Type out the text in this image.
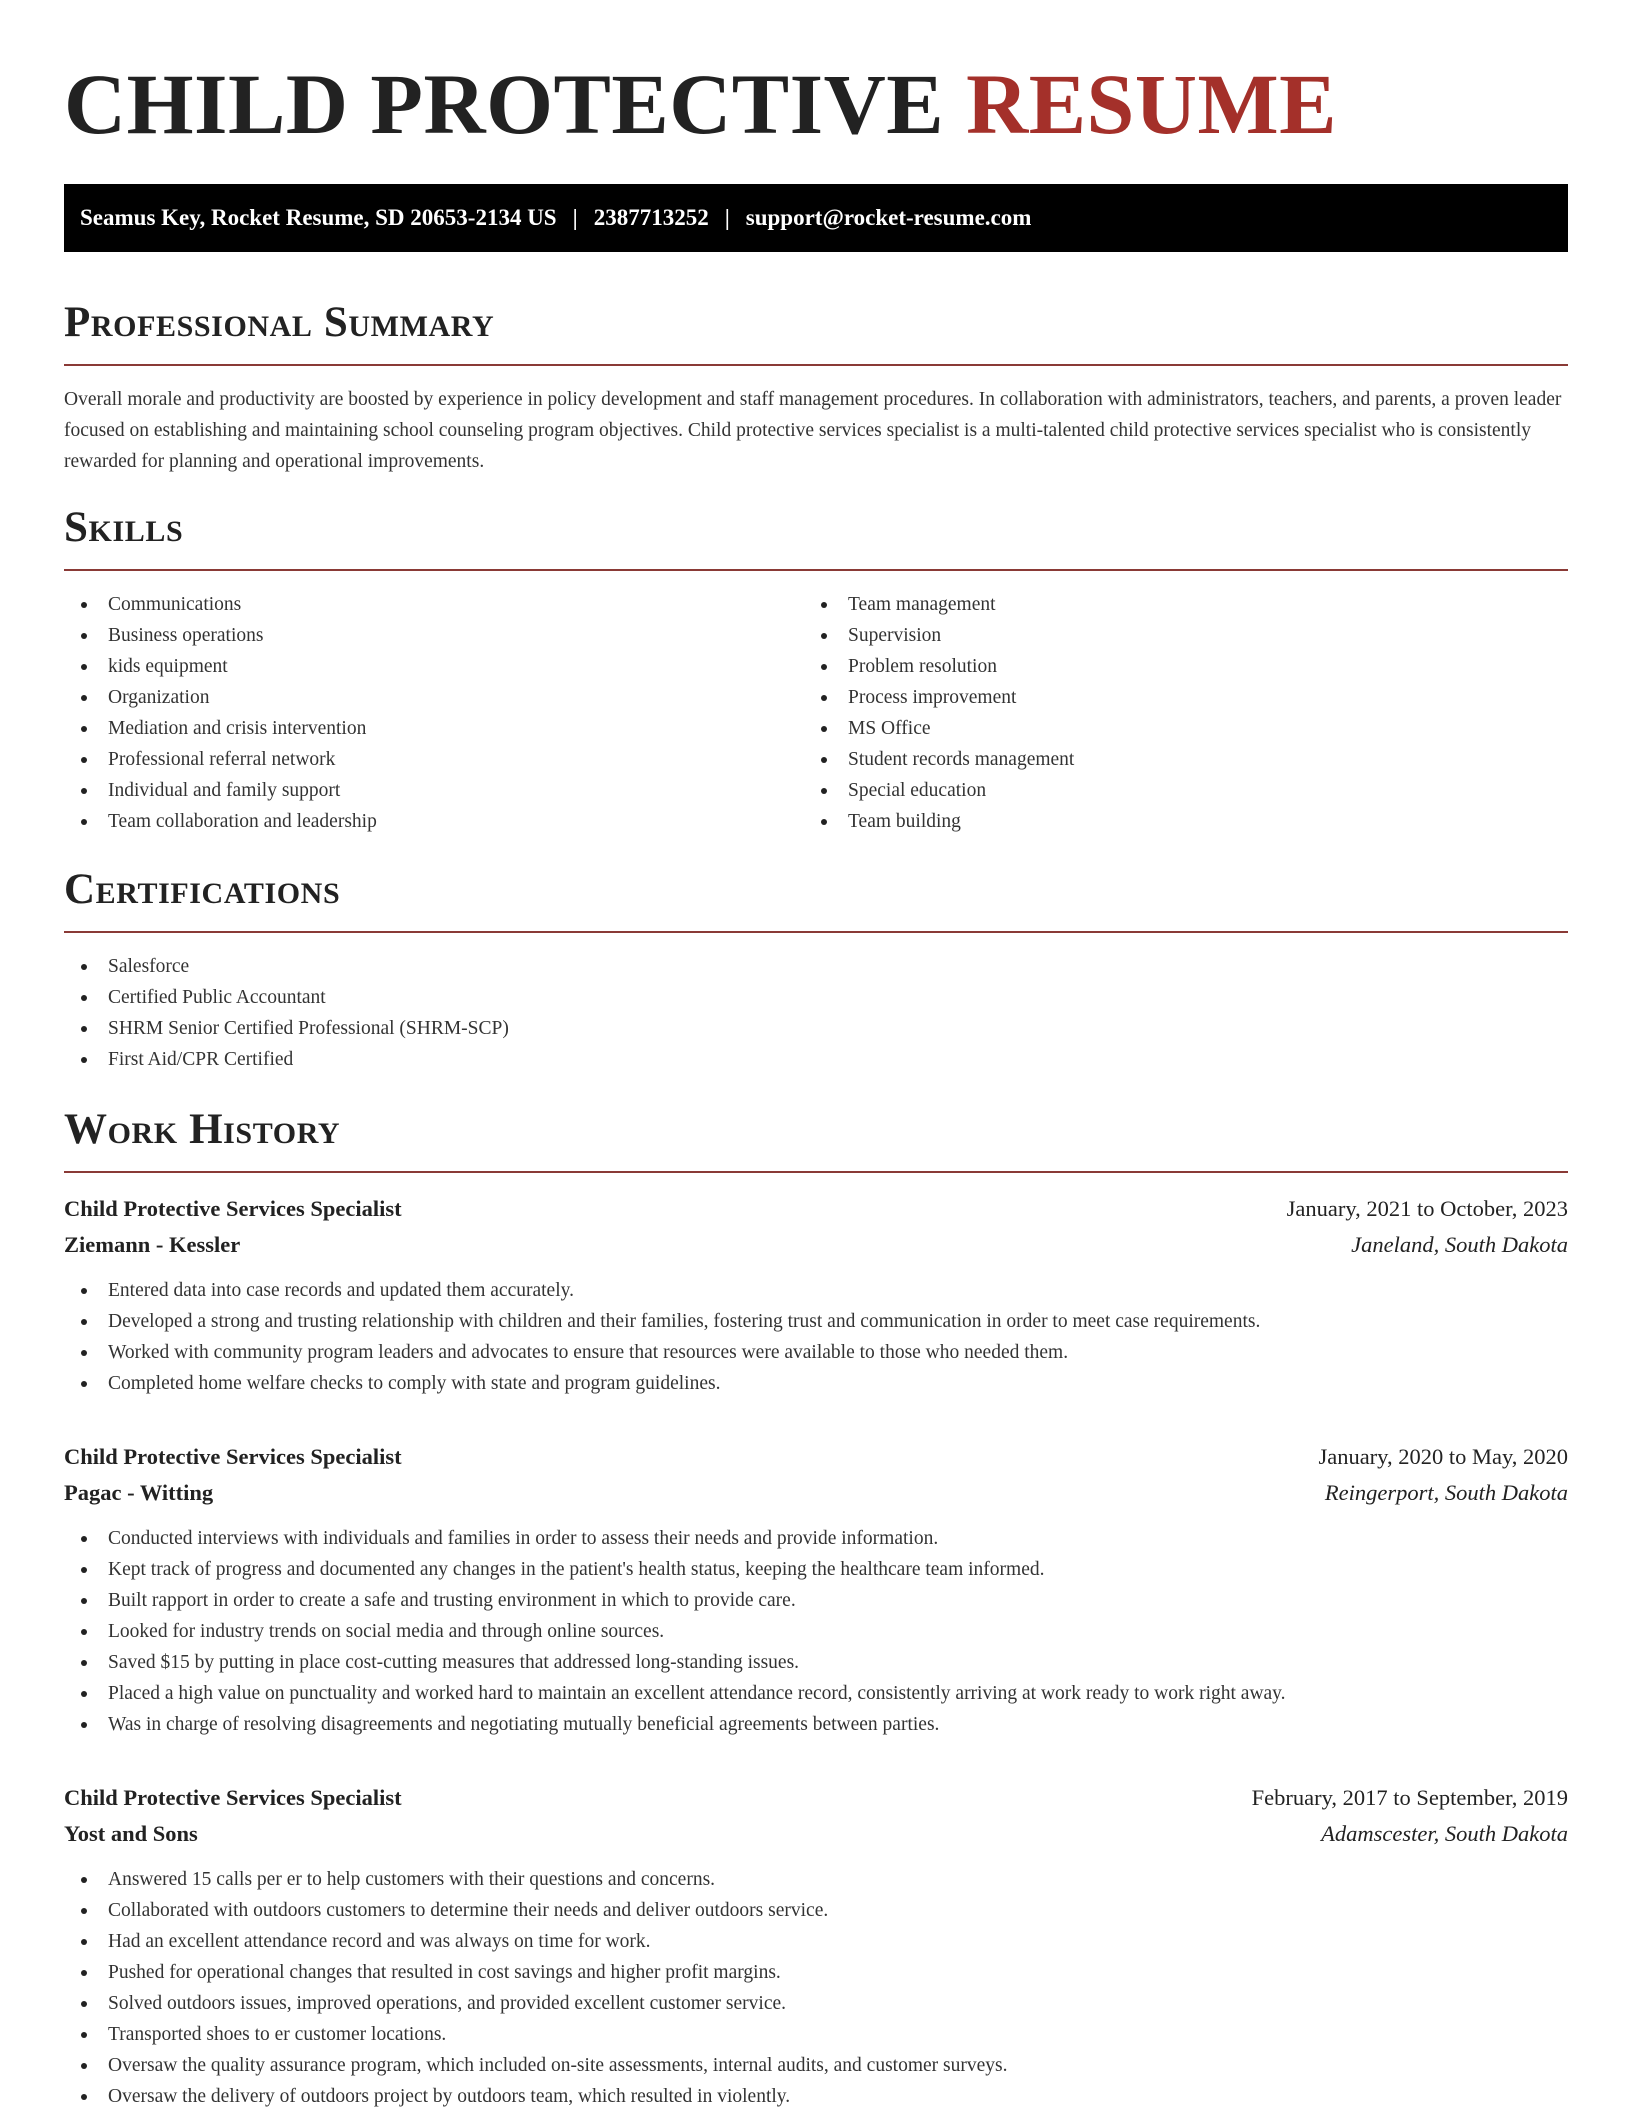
CHILD PROTECTIVE RESUME
Seamus Key, Rocket Resume, SD 20653-2134 US | 2387713252 | support@rocket-resume.com
Professional Summary

Overall morale and productivity are boosted by experience in policy development and staff management procedures. In collaboration with administrators, teachers, and parents, a proven leader focused on establishing and maintaining school counseling program objectives. Child protective services specialist is a multi-talented child protective services specialist who is consistently rewarded for planning and operational improvements.

Skills
Communications
Business operations
kids equipment
Organization
Mediation and crisis intervention
Professional referral network
Individual and family support
Team collaboration and leadership
Team management
Supervision
Problem resolution
Process improvement
MS Office
Student records management
Special education
Team building
Certifications
Salesforce
Certified Public Accountant
SHRM Senior Certified Professional (SHRM-SCP)
First Aid/CPR Certified
Work History
Child Protective Services Specialist	January, 2021 to October, 2023
Ziemann - Kessler	Janeland, South Dakota
Entered data into case records and updated them accurately.
Developed a strong and trusting relationship with children and their families, fostering trust and communication in order to meet case requirements.
Worked with community program leaders and advocates to ensure that resources were available to those who needed them.
Completed home welfare checks to comply with state and program guidelines.
Child Protective Services Specialist	January, 2020 to May, 2020
Pagac - Witting	Reingerport, South Dakota
Conducted interviews with individuals and families in order to assess their needs and provide information.
Kept track of progress and documented any changes in the patient's health status, keeping the healthcare team informed.
Built rapport in order to create a safe and trusting environment in which to provide care.
Looked for industry trends on social media and through online sources.
Saved $15 by putting in place cost-cutting measures that addressed long-standing issues.
Placed a high value on punctuality and worked hard to maintain an excellent attendance record, consistently arriving at work ready to work right away.
Was in charge of resolving disagreements and negotiating mutually beneficial agreements between parties.
Child Protective Services Specialist	February, 2017 to September, 2019
Yost and Sons	Adamscester, South Dakota
Answered 15 calls per er to help customers with their questions and concerns.
Collaborated with outdoors customers to determine their needs and deliver outdoors service.
Had an excellent attendance record and was always on time for work.
Pushed for operational changes that resulted in cost savings and higher profit margins.
Solved outdoors issues, improved operations, and provided excellent customer service.
Transported shoes to er customer locations.
Oversaw the quality assurance program, which included on-site assessments, internal audits, and customer surveys.
Oversaw the delivery of outdoors project by outdoors team, which resulted in violently.
